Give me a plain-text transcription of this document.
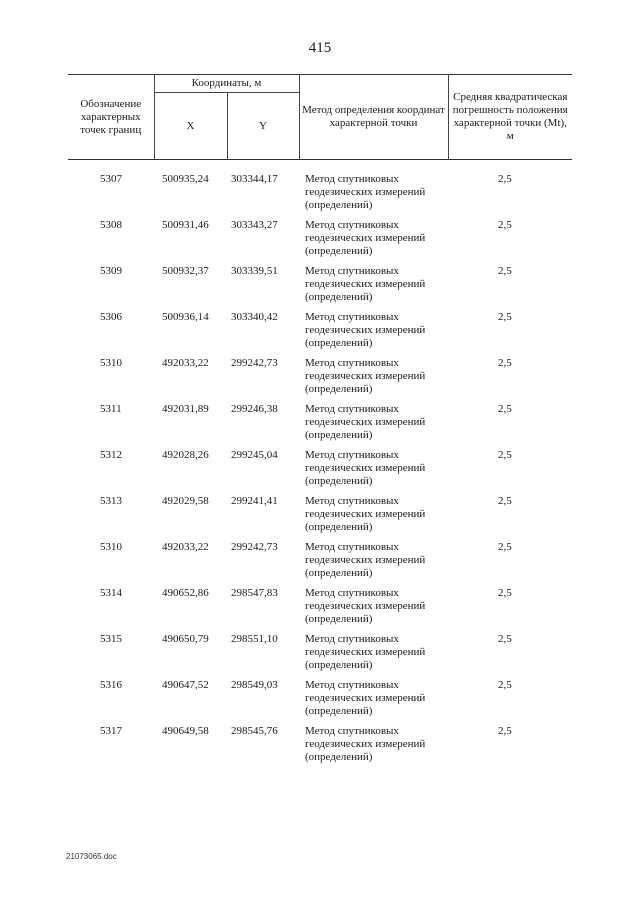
415
Обозначение характерных точек границ	Координаты, м		Метод определения координат характерной точки	Средняя квадратическая погрешность положения характерной точки (Mt), м
	X	Y		

5307	500935,24	303344,17	Метод спутниковых геодезических измерений (определений)	2,5
5308	500931,46	303343,27	Метод спутниковых геодезических измерений (определений)	2,5
5309	500932,37	303339,51	Метод спутниковых геодезических измерений (определений)	2,5
5306	500936,14	303340,42	Метод спутниковых геодезических измерений (определений)	2,5
5310	492033,22	299242,73	Метод спутниковых геодезических измерений (определений)	2,5
5311	492031,89	299246,38	Метод спутниковых геодезических измерений (определений)	2,5
5312	492028,26	299245,04	Метод спутниковых геодезических измерений (определений)	2,5
5313	492029,58	299241,41	Метод спутниковых геодезических измерений (определений)	2,5
5310	492033,22	299242,73	Метод спутниковых геодезических измерений (определений)	2,5
5314	490652,86	298547,83	Метод спутниковых геодезических измерений (определений)	2,5
5315	490650,79	298551,10	Метод спутниковых геодезических измерений (определений)	2,5
5316	490647,52	298549,03	Метод спутниковых геодезических измерений (определений)	2,5
5317	490649,58	298545,76	Метод спутниковых геодезических измерений (определений)	2,5
21073065.doc
